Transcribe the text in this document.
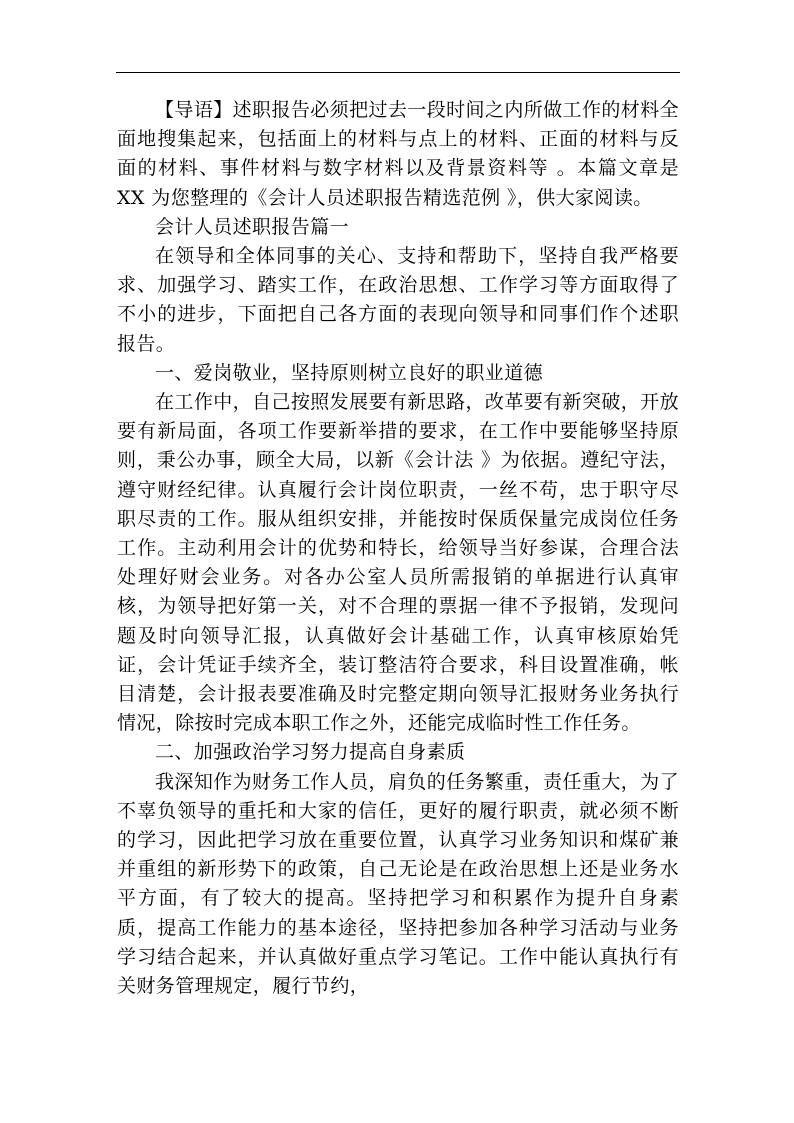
【导语】述职报告必须把过去一段时间之内所做工作的材料全面地搜集起来，包括面上的材料与点上的材料、正面的材料与反面的材料、事件材料与数字材料以及背景资料等 。本篇文章是 XX 为您整理的《会计人员述职报告精选范例 》，供大家阅读。

会计人员述职报告篇一

在领导和全体同事的关心、支持和帮助下，坚持自我严格要求、加强学习、踏实工作，在政治思想、工作学习等方面取得了不小的进步，下面把自己各方面的表现向领导和同事们作个述职报告。

一、爱岗敬业，坚持原则树立良好的职业道德

在工作中，自己按照发展要有新思路，改革要有新突破，开放要有新局面，各项工作要新举措的要求，在工作中要能够坚持原则，秉公办事，顾全大局，以新《会计法 》为依据。遵纪守法，遵守财经纪律。认真履行会计岗位职责，一丝不苟，忠于职守尽职尽责的工作。服从组织安排，并能按时保质保量完成岗位任务工作。主动利用会计的优势和特长，给领导当好参谋，合理合法处理好财会业务。对各办公室人员所需报销的单据进行认真审核，为领导把好第一关，对不合理的票据一律不予报销，发现问题及时向领导汇报，认真做好会计基础工作，认真审核原始凭证，会计凭证手续齐全，装订整洁符合要求，科目设置准确，帐目清楚，会计报表要准确及时完整定期向领导汇报财务业务执行情况，除按时完成本职工作之外，还能完成临时性工作任务。

二、加强政治学习努力提高自身素质

我深知作为财务工作人员，肩负的任务繁重，责任重大，为了不辜负领导的重托和大家的信任，更好的履行职责，就必须不断的学习，因此把学习放在重要位置，认真学习业务知识和煤矿兼并重组的新形势下的政策，自己无论是在政治思想上还是业务水平方面，有了较大的提高。坚持把学习和积累作为提升自身素质，提高工作能力的基本途径，坚持把参加各种学习活动与业务学习结合起来，并认真做好重点学习笔记。工作中能认真执行有关财务管理规定，履行节约，
